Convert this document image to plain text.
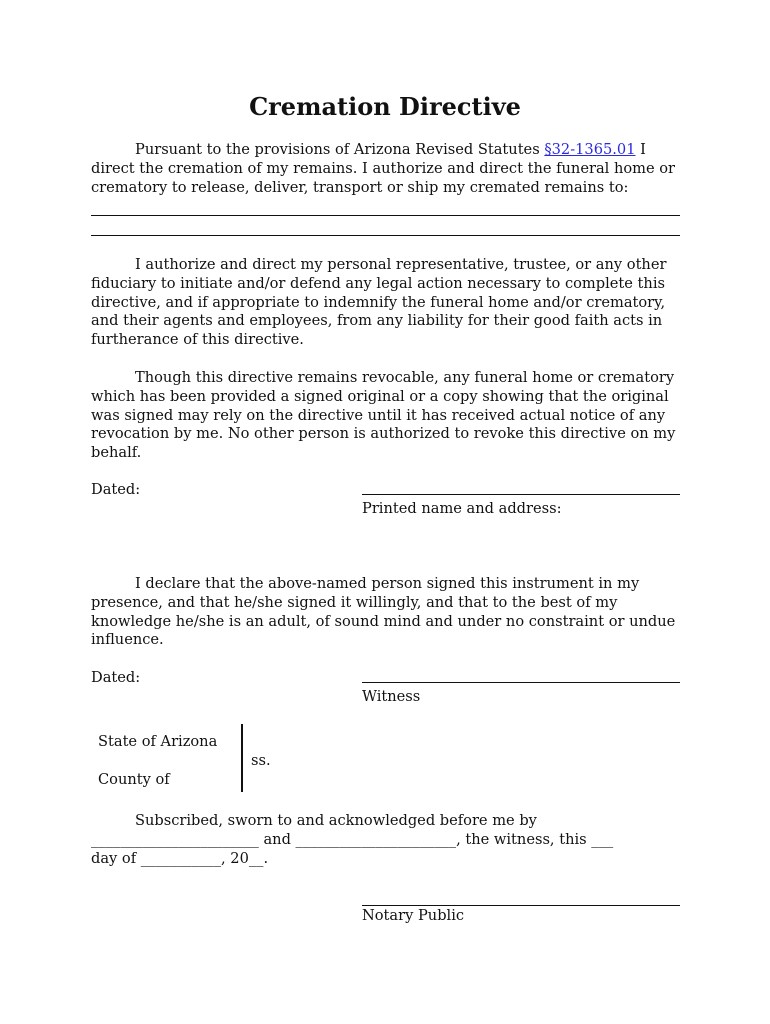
Cremation Directive
Pursuant to the provisions of Arizona Revised Statutes §32-1365.01 I direct the cremation of my remains. I authorize and direct the funeral home or crematory to release, deliver, transport or ship my cremated remains to:
I authorize and direct my personal representative, trustee, or any other fiduciary to initiate and/or defend any legal action necessary to complete this directive, and if appropriate to indemnify the funeral home and/or crematory, and their agents and employees, from any liability for their good faith acts in furtherance of this directive.
Though this directive remains revocable, any funeral home or crematory which has been provided a signed original or a copy showing that the original was signed may rely on the directive until it has received actual notice of any revocation by me. No other person is authorized to revoke this directive on my behalf.
Dated:
Printed name and address:
I declare that the above-named person signed this instrument in my presence, and that he/she signed it willingly, and that to the best of my knowledge he/she is an adult, of sound mind and under no constraint or undue influence.
Dated:
Witness
State of Arizona
County of
ss.
Subscribed, sworn to and acknowledged before me by
_______________________ and ______________________, the witness, this ___
day of ___________, 20__.
Notary Public
